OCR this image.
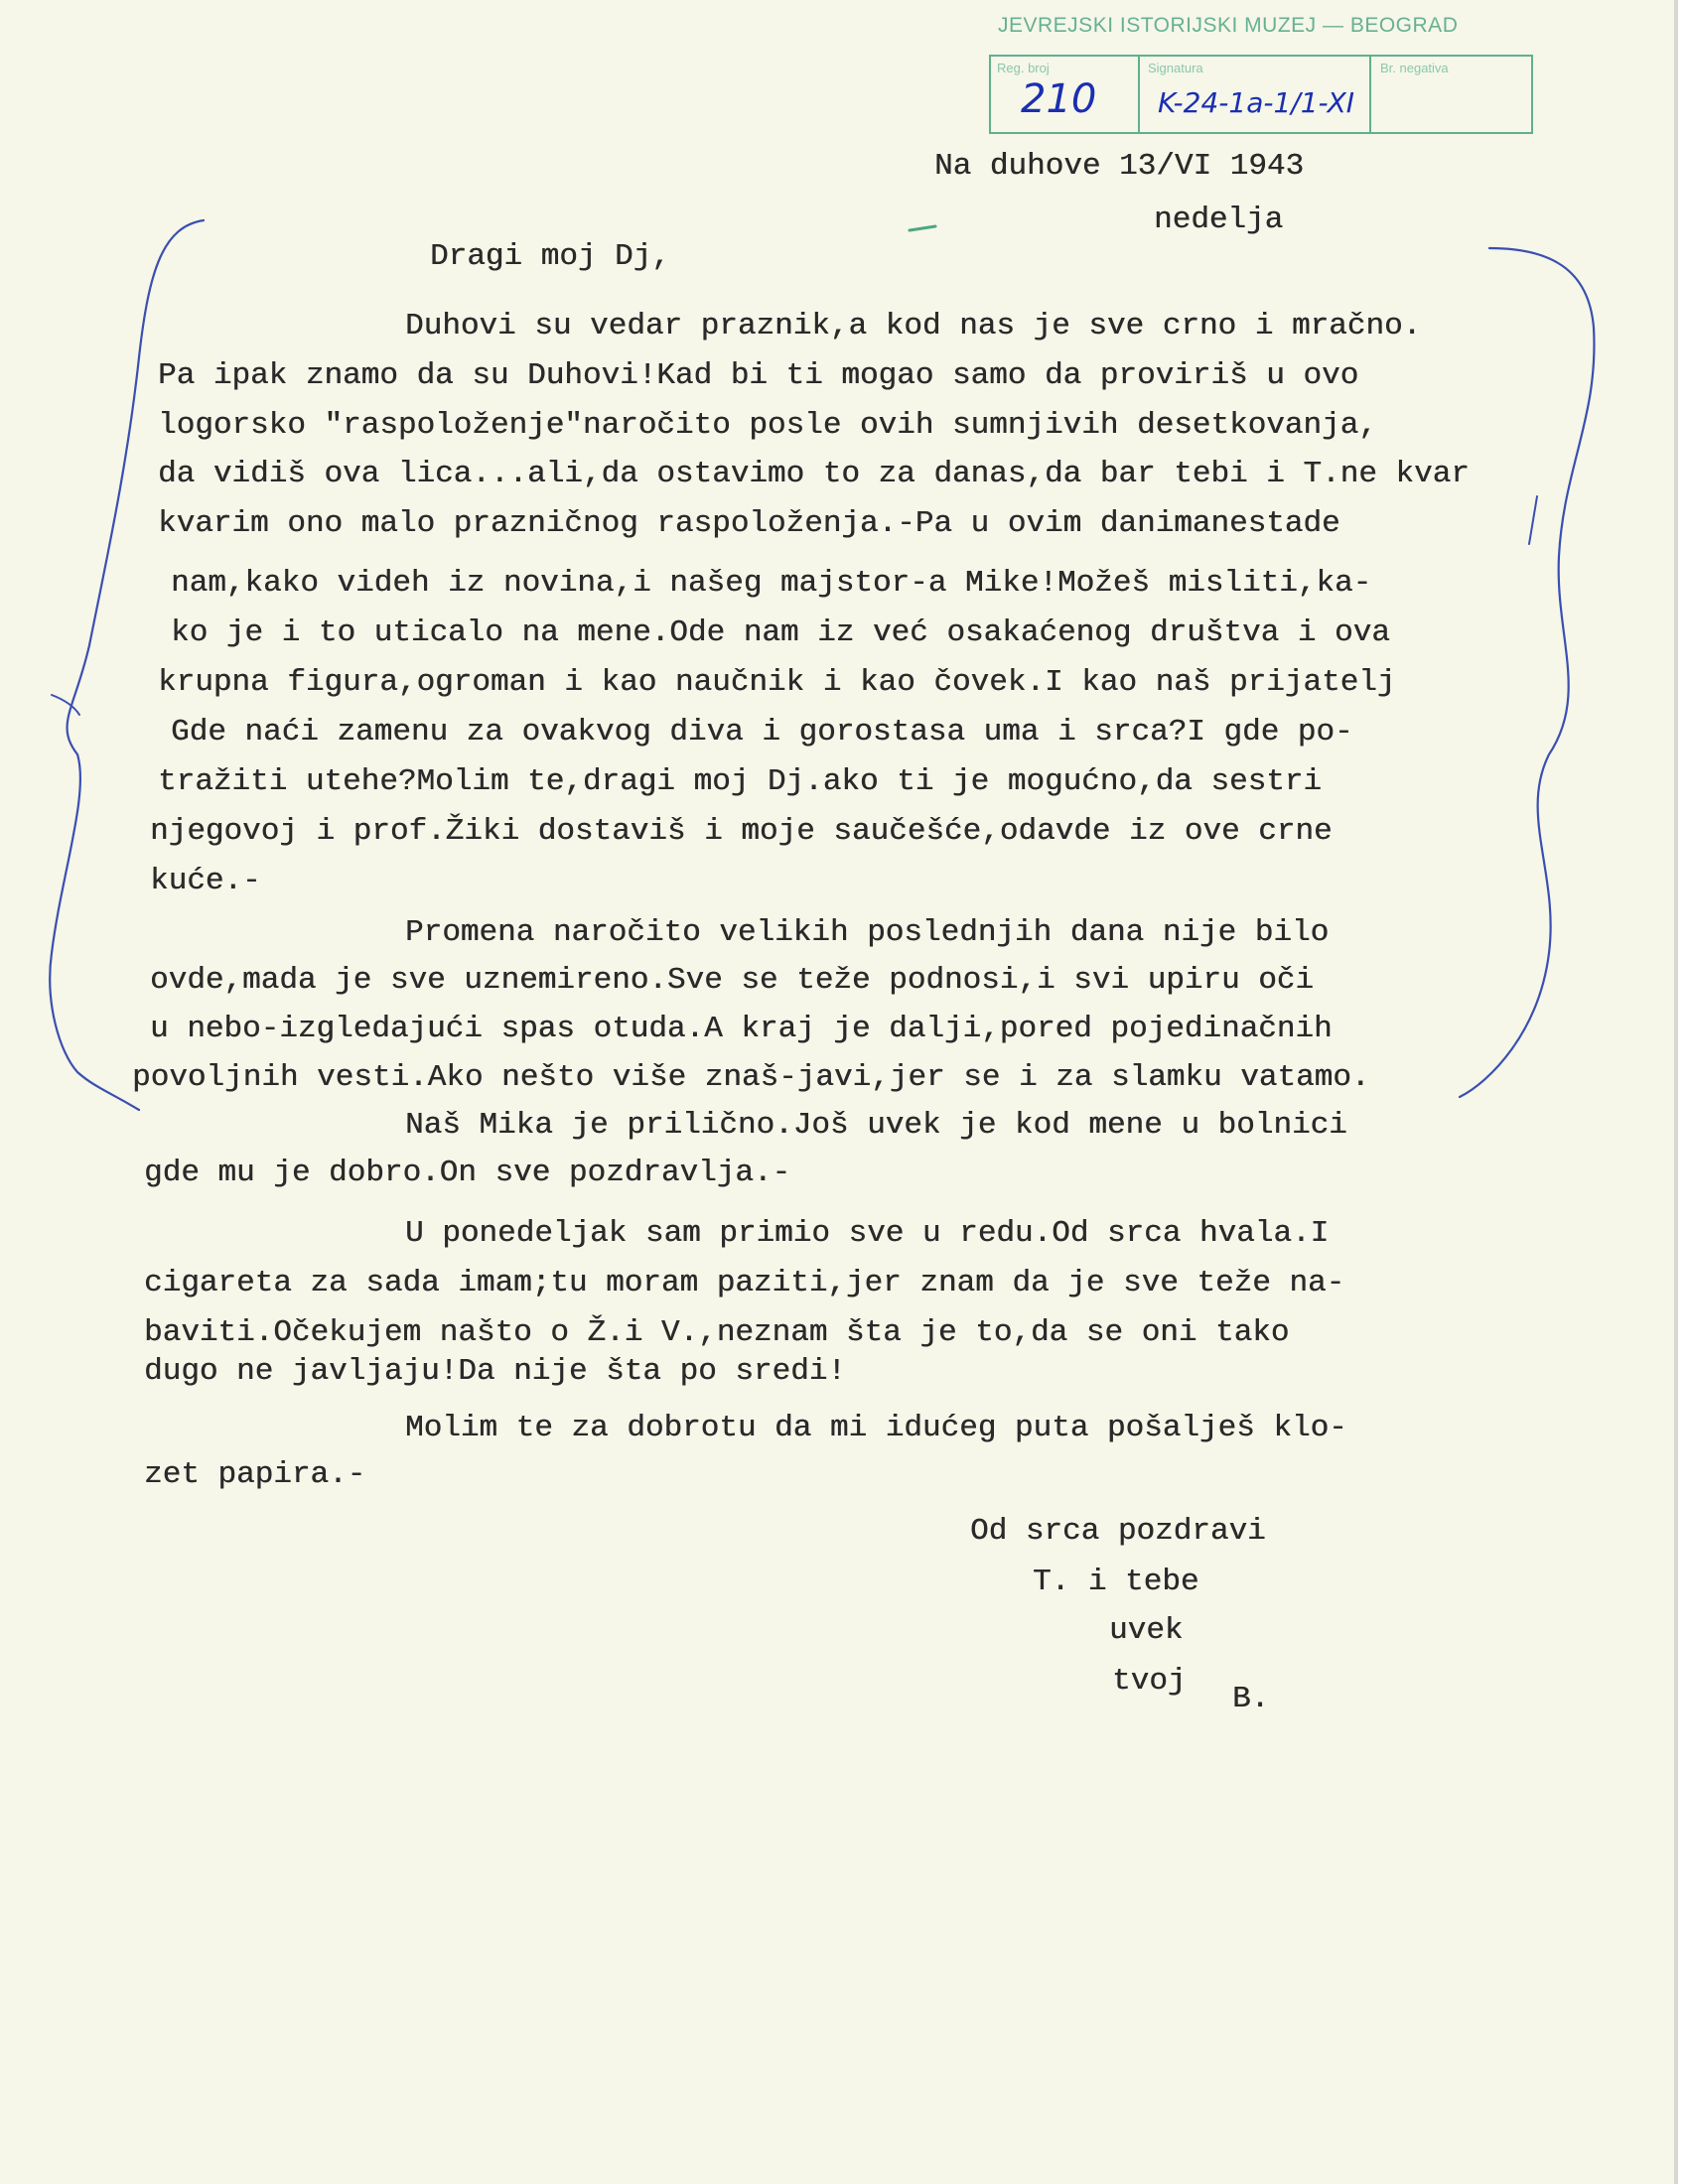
JEVREJSKI ISTORIJSKI MUZEJ — BEOGRAD
Reg. broj	Signatura	Br. negativa
210 K-24-1a-1/1-XI
Na duhove 13/VI 1943
nedelja
Dragi moj Dj,
Duhovi su vedar praznik,a kod nas je sve crno i mračno.
Pa ipak znamo da su Duhovi!Kad bi ti mogao samo da proviriš u ovo
logorsko "raspoloženje"naročito posle ovih sumnjivih desetkovanja,
da vidiš ova lica...ali,da ostavimo to za danas,da bar tebi i T.ne kvar
kvarim ono malo prazničnog raspoloženja.-Pa u ovim danimanestade
nam,kako videh iz novina,i našeg majstor-a Mike!Možeš misliti,ka-
ko je i to uticalo na mene.Ode nam iz već osakaćenog društva i ova
krupna figura,ogroman i kao naučnik i kao čovek.I kao naš prijatelj
Gde naći zamenu za ovakvog diva i gorostasa uma i srca?I gde po-
tražiti utehe?Molim te,dragi moj Dj.ako ti je mogućno,da sestri
njegovoj i prof.Žiki dostaviš i moje saučešće,odavde iz ove crne
kuće.-
Promena naročito velikih poslednjih dana nije bilo
ovde,mada je sve uznemireno.Sve se teže podnosi,i svi upiru oči
u nebo-izgledajući spas otuda.A kraj je dalji,pored pojedinačnih
povoljnih vesti.Ako nešto više znaš-javi,jer se i za slamku vatamo.
Naš Mika je prilično.Još uvek je kod mene u bolnici
gde mu je dobro.On sve pozdravlja.-
U ponedeljak sam primio sve u redu.Od srca hvala.I
cigareta za sada imam;tu moram paziti,jer znam da je sve teže na-
baviti.Očekujem našto o Ž.i V.,neznam šta je to,da se oni tako
dugo ne javljaju!Da nije šta po sredi!
Molim te za dobrotu da mi idućeg puta pošalješ klo-
zet papira.-
Od srca pozdravi
T. i tebe
uvek
tvoj
B.
